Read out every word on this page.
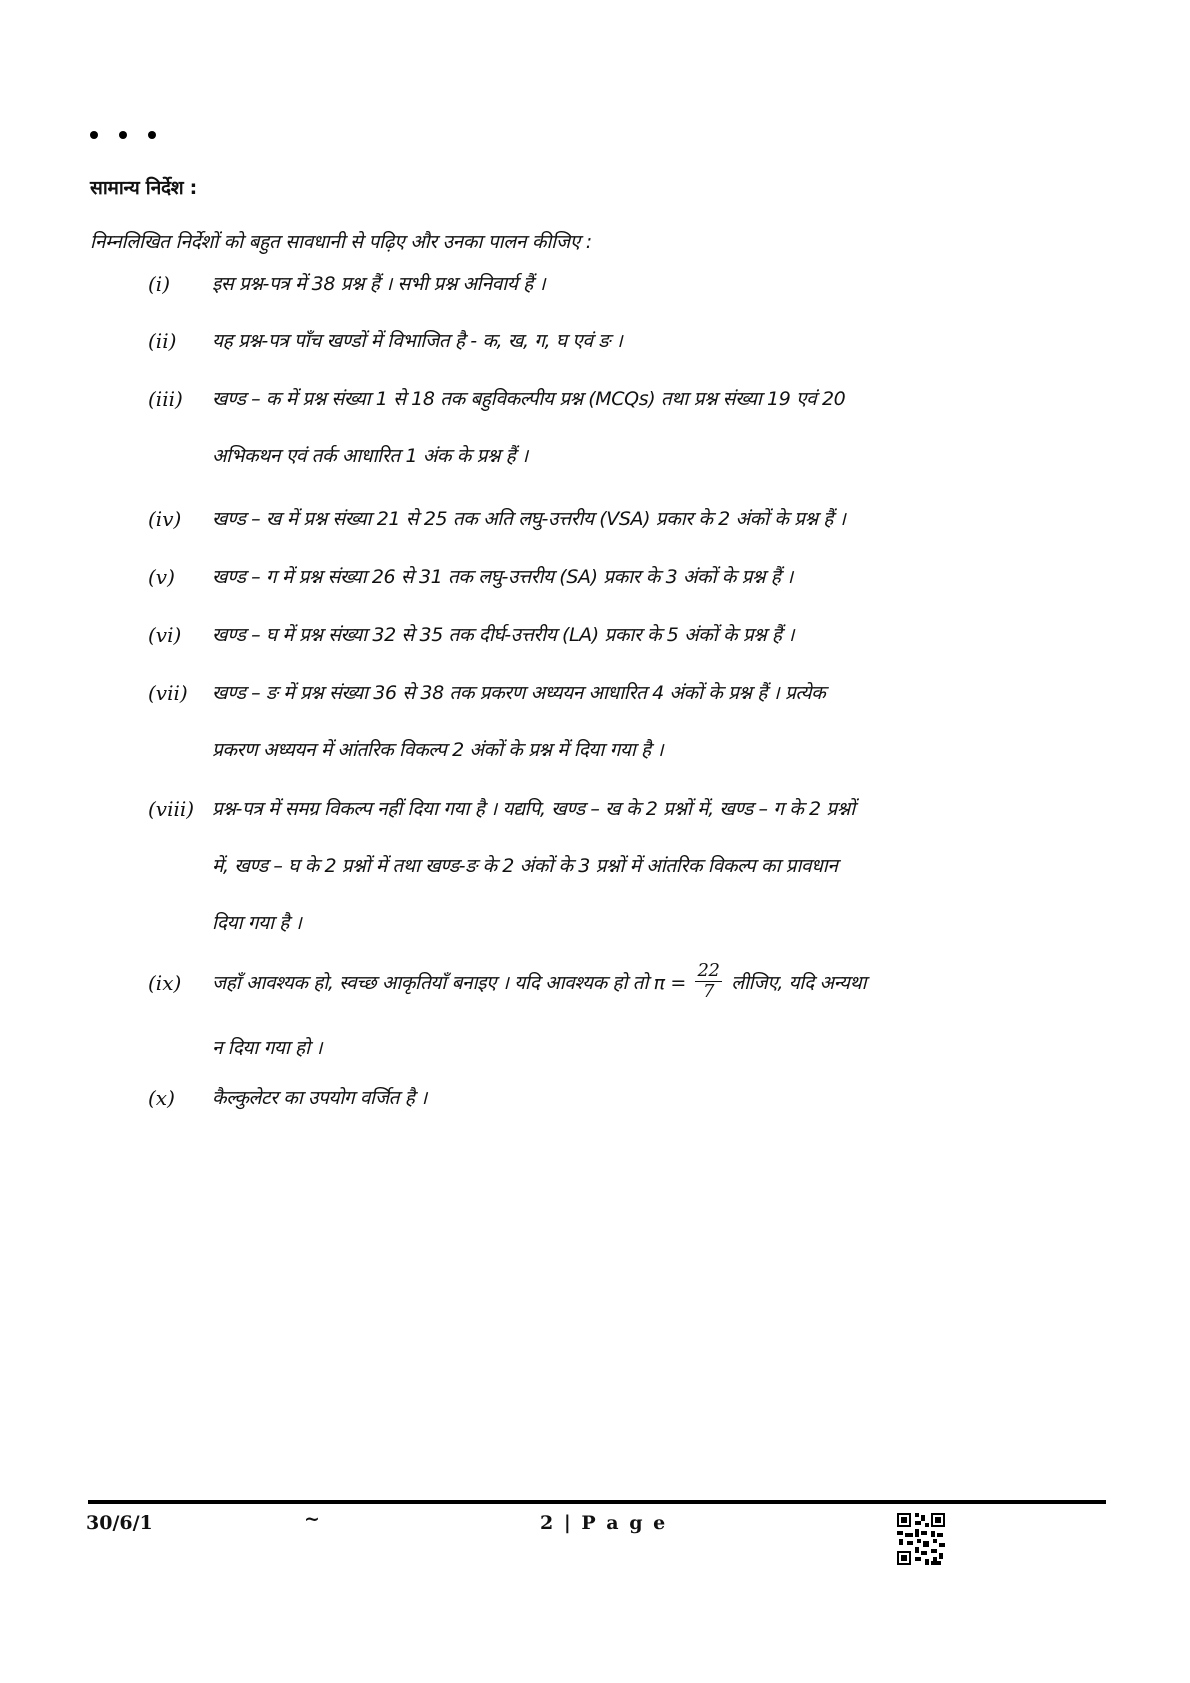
सामान्य निर्देश :
निम्नलिखित निर्देशों को बहुत सावधानी से पढ़िए और उनका पालन कीजिए :
(i) इस प्रश्न-पत्र में 38 प्रश्न हैं । सभी प्रश्न अनिवार्य हैं ।
(ii) यह प्रश्न-पत्र पाँच खण्डों में विभाजित है - क, ख, ग, घ एवं ङ ।
(iii) खण्ड – क में प्रश्न संख्या 1 से 18 तक बहुविकल्पीय प्रश्न (MCQs) तथा प्रश्न संख्या 19 एवं 20
अभिकथन एवं तर्क आधारित 1 अंक के प्रश्न हैं ।
(iv) खण्ड – ख में प्रश्न संख्या 21 से 25 तक अति लघु-उत्तरीय (VSA) प्रकार के 2 अंकों के प्रश्न हैं ।
(v) खण्ड – ग में प्रश्न संख्या 26 से 31 तक लघु-उत्तरीय (SA) प्रकार के 3 अंकों के प्रश्न हैं ।
(vi) खण्ड – घ में प्रश्न संख्या 32 से 35 तक दीर्घ-उत्तरीय (LA) प्रकार के 5 अंकों के प्रश्न हैं ।
(vii) खण्ड – ङ में प्रश्न संख्या 36 से 38 तक प्रकरण अध्ययन आधारित 4 अंकों के प्रश्न हैं । प्रत्येक
प्रकरण अध्ययन में आंतरिक विकल्प 2 अंकों के प्रश्न में दिया गया है ।
(viii) प्रश्न-पत्र में समग्र विकल्प नहीं दिया गया है । यद्यपि, खण्ड – ख के 2 प्रश्नों में, खण्ड – ग के 2 प्रश्नों
में, खण्ड – घ के 2 प्रश्नों में तथा खण्ड-ङ के 2 अंकों के 3 प्रश्नों में आंतरिक विकल्प का प्रावधान
दिया गया है ।
(ix) जहाँ आवश्यक हो, स्वच्छ आकृतियाँ बनाइए । यदि आवश्यक हो तो $\pi = \frac{22}{7}$ लीजिए, यदि अन्यथा
न दिया गया हो ।
(x) कैल्कुलेटर का उपयोग वर्जित है ।
30/6/1	~	2 | P a g e
